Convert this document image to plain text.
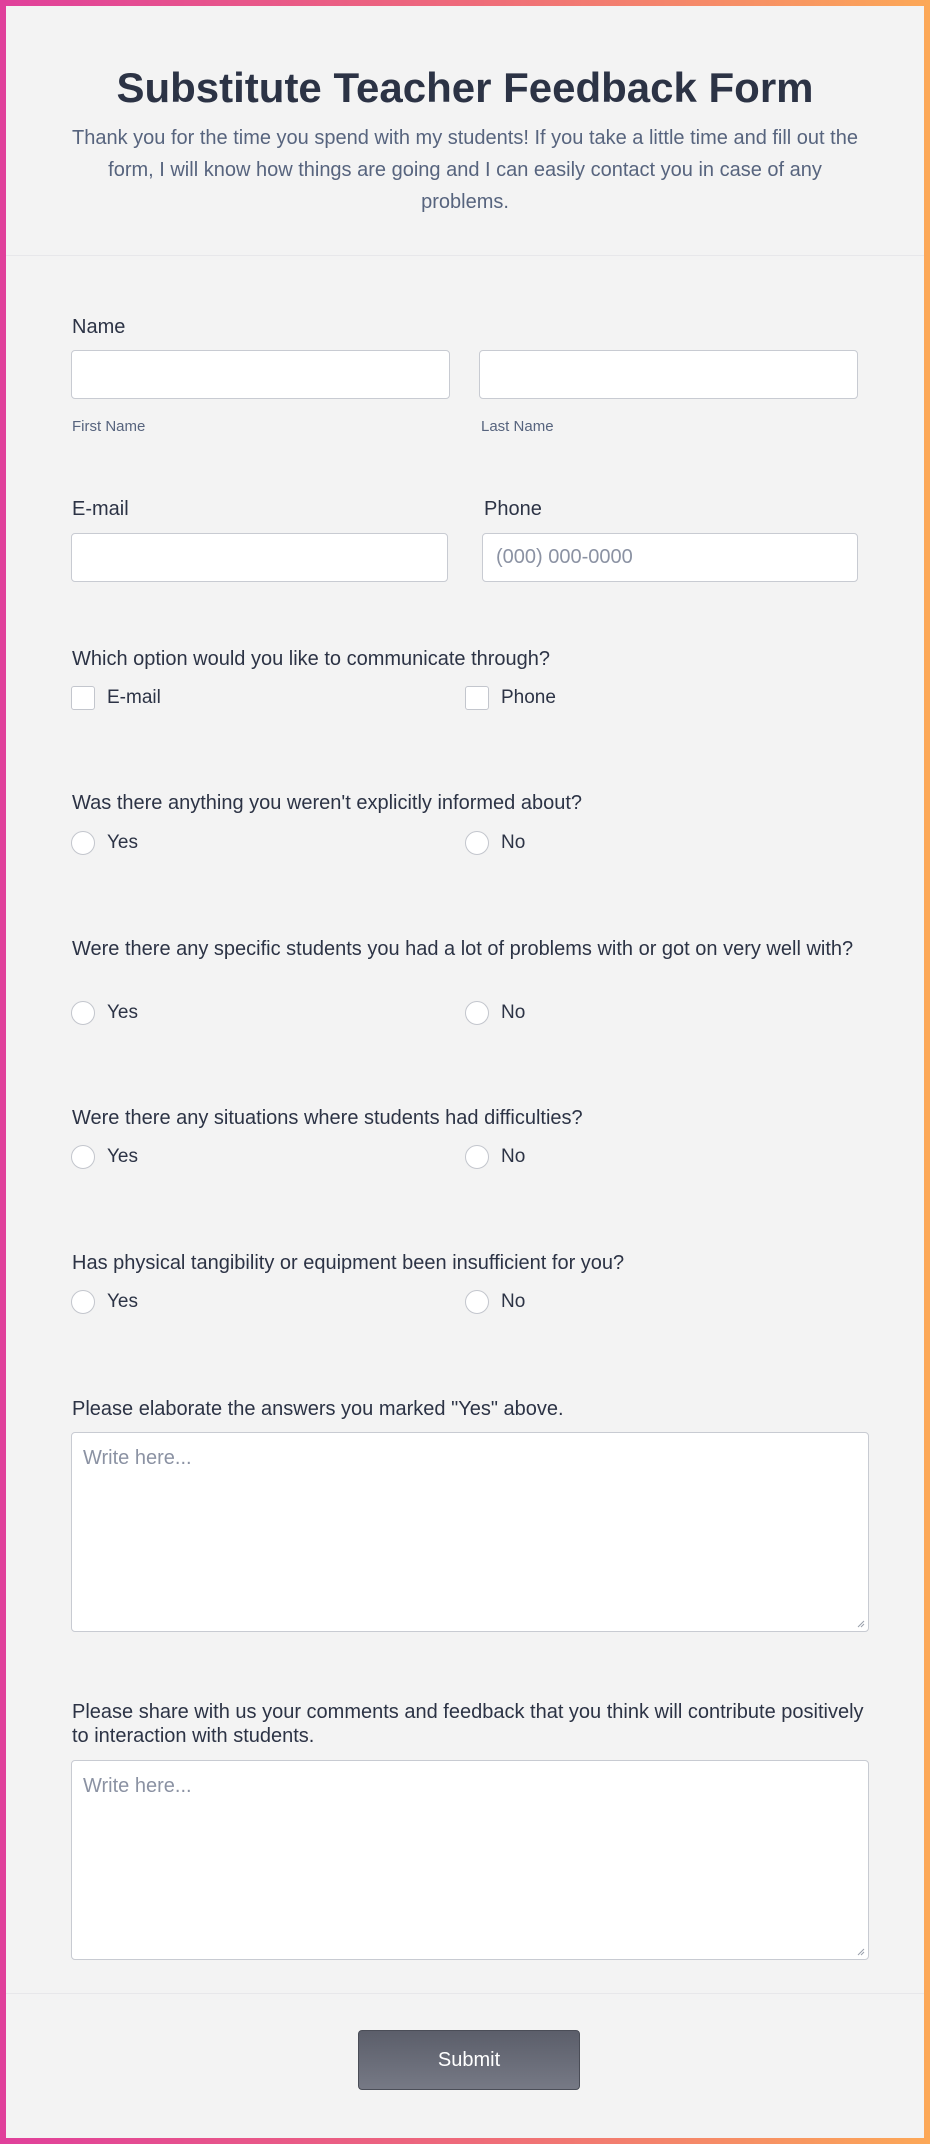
Substitute Teacher Feedback Form
Thank you for the time you spend with my students! If you take a little time and fill out the form, I will know how things are going and I can easily contact you in case of any problems.
Name
First Name	Last Name
E-mail	Phone
(000) 000-0000
Which option would you like to communicate through?
E-mail	Phone
Was there anything you weren't explicitly informed about?
Yes	No
Were there any specific students you had a lot of problems with or got on very well with?
Yes	No
Were there any situations where students had difficulties?
Yes	No
Has physical tangibility or equipment been insufficient for you?
Yes	No
Please elaborate the answers you marked "Yes" above.
Write here...
Please share with us your comments and feedback that you think will contribute positively to interaction with students.
Write here...
Submit
